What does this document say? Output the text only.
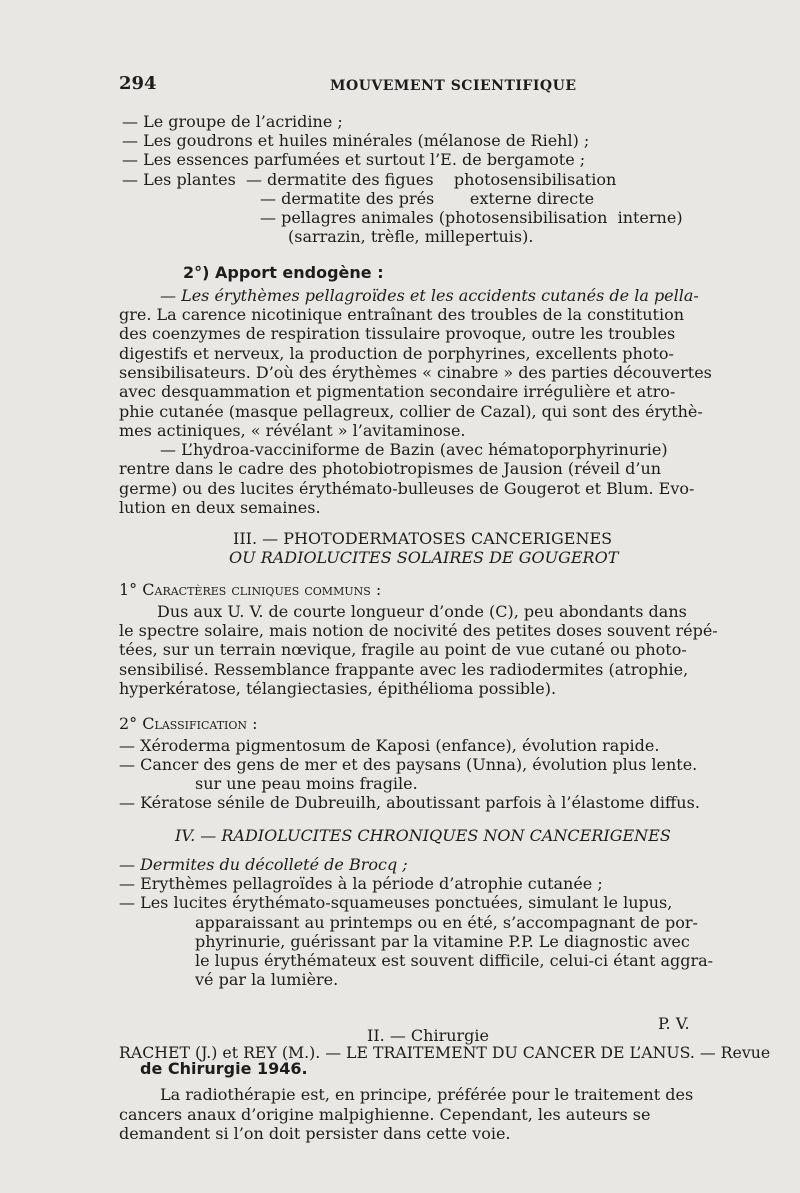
294	MOUVEMENT SCIENTIFIQUE
— Le groupe de l’acridine ;
— Les goudrons et huiles minérales (mélanose de Riehl) ;
— Les essences parfumées et surtout l’E. de bergamote ;
— Les plantes  — dermatite des figues    photosensibilisation
— dermatite des prés       externe directe
— pellagres animales (photosensibilisation  interne)
(sarrazin, trèfle, millepertuis).
2°) Apport endogène :
— Les érythèmes pellagroïdes et les accidents cutanés de la pella-
gre. La carence nicotinique entraînant des troubles de la constitution
des coenzymes de respiration tissulaire provoque, outre les troubles
digestifs et nerveux, la production de porphyrines, excellents photo-
sensibilisateurs. D’où des érythèmes « cinabre » des parties découvertes
avec desquammation et pigmentation secondaire irrégulière et atro-
phie cutanée (masque pellagreux, collier de Cazal), qui sont des érythè-
mes actiniques, « révélant » l’avitaminose.
— L’hydroa-vacciniforme de Bazin (avec hématoporphyrinurie)
rentre dans le cadre des photobiotropismes de Jausion (réveil d’un
germe) ou des lucites érythémato-bulleuses de Gougerot et Blum. Evo-
lution en deux semaines.
III. — PHOTODERMATOSES CANCERIGENES
OU RADIOLUCITES SOLAIRES DE GOUGEROT
1° Caractères cliniques communs :
Dus aux U. V. de courte longueur d’onde (C), peu abondants dans
le spectre solaire, mais notion de nocivité des petites doses souvent répé-
tées, sur un terrain nœvique, fragile au point de vue cutané ou photo-
sensibilisé. Ressemblance frappante avec les radiodermites (atrophie,
hyperkératose, télangiectasies, épithélioma possible).
2° Classification :
— Xéroderma pigmentosum de Kaposi (enfance), évolution rapide.
— Cancer des gens de mer et des paysans (Unna), évolution plus lente.
sur une peau moins fragile.
— Kératose sénile de Dubreuilh, aboutissant parfois à l’élastome diffus.
IV. — RADIOLUCITES CHRONIQUES NON CANCERIGENES
— Dermites du décolleté de Brocq ;
— Erythèmes pellagroïdes à la période d’atrophie cutanée ;
— Les lucites érythémato-squameuses ponctuées, simulant le lupus,
apparaissant au printemps ou en été, s’accompagnant de por-
phyrinurie, guérissant par la vitamine P.P. Le diagnostic avec
le lupus érythémateux est souvent difficile, celui-ci étant aggra-
vé par la lumière.
P. V.
II. — Chirurgie
RACHET (J.) et REY (M.). — LE TRAITEMENT DU CANCER DE L’ANUS. — Revue
de Chirurgie 1946.
La radiothérapie est, en principe, préférée pour le traitement des
cancers anaux d’origine malpighienne. Cependant, les auteurs se
demandent si l’on doit persister dans cette voie.
